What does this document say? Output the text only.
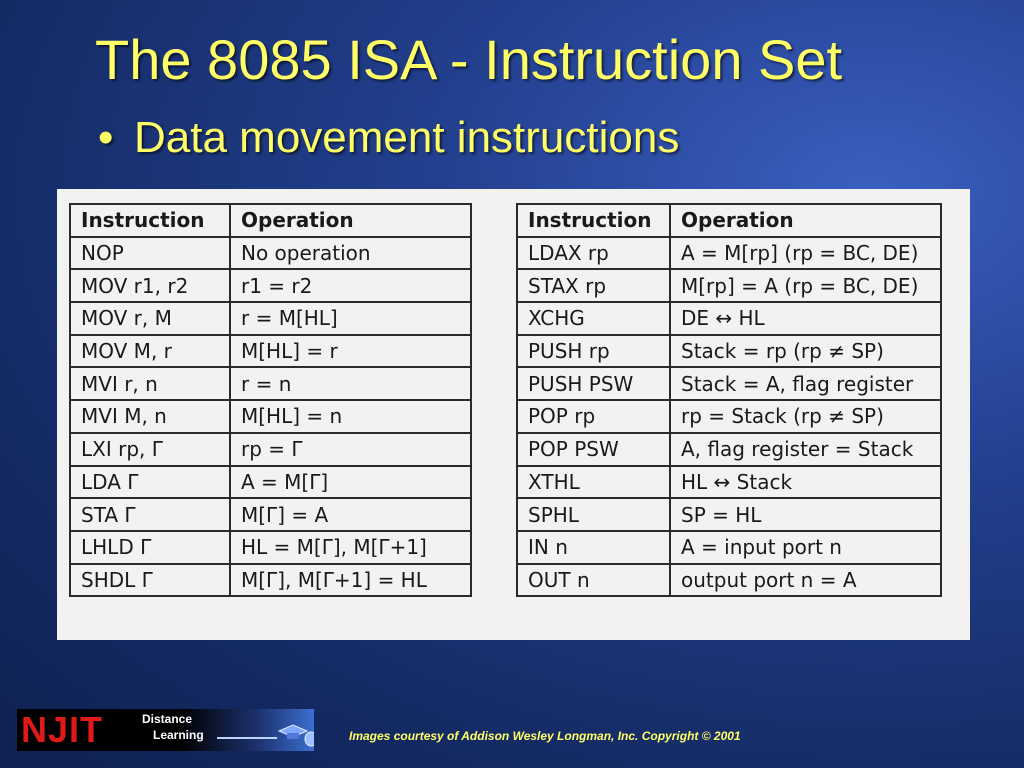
The 8085 ISA - Instruction Set
• Data movement instructions
Instruction	Operation
NOP	No operation
MOV r1, r2	r1 = r2
MOV r, M	r = M[HL]
MOV M, r	M[HL] = r
MVI r, n	r = n
MVI M, n	M[HL] = n
LXI rp, Γ	rp = Γ
LDA Γ	A = M[Γ]
STA Γ	M[Γ] = A
LHLD Γ	HL = M[Γ], M[Γ+1]
SHDL Γ	M[Γ], M[Γ+1] = HL
Instruction	Operation
LDAX rp	A = M[rp] (rp = BC, DE)
STAX rp	M[rp] = A (rp = BC, DE)
XCHG	DE ↔ HL
PUSH rp	Stack = rp (rp ≠ SP)
PUSH PSW	Stack = A, flag register
POP rp	rp = Stack (rp ≠ SP)
POP PSW	A, flag register = Stack
XTHL	HL ↔ Stack
SPHL	SP = HL
IN n	A = input port n
OUT n	output port n = A
NJIT	Distance
Learning	Images courtesy of Addison Wesley Longman, Inc. Copyright © 2001
